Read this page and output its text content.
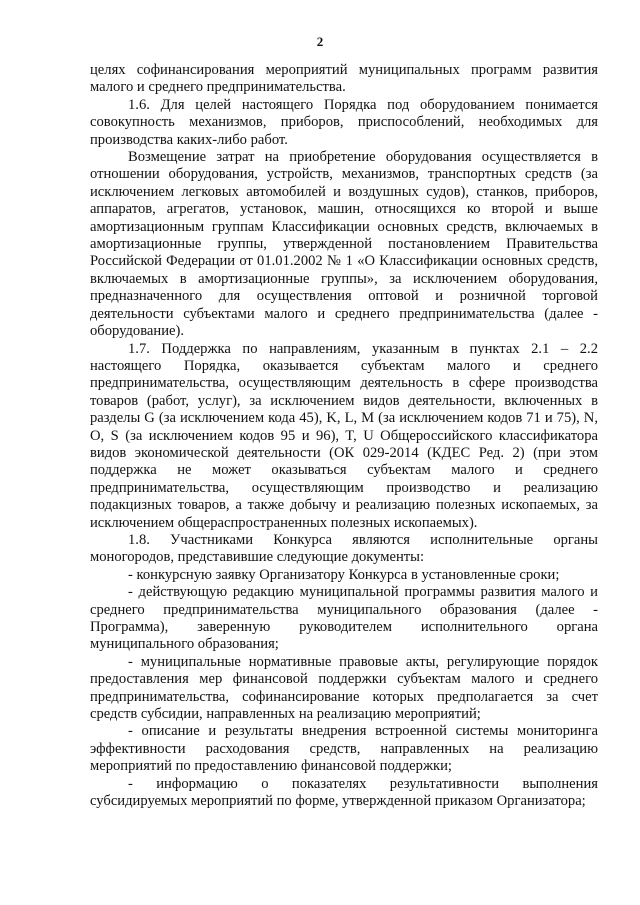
2

целях софинансирования мероприятий муниципальных программ развития малого и среднего предпринимательства.

1.6. Для целей настоящего Порядка под оборудованием понимается совокупность механизмов, приборов, приспособлений, необходимых для производства каких-либо работ.

Возмещение затрат на приобретение оборудования осуществляется в отношении оборудования, устройств, механизмов, транспортных средств (за исключением легковых автомобилей и воздушных судов), станков, приборов, аппаратов, агрегатов, установок, машин, относящихся ко второй и выше амортизационным группам Классификации основных средств, включаемых в амортизационные группы, утвержденной постановлением Правительства Российской Федерации от 01.01.2002 № 1 «О Классификации основных средств, включаемых в амортизационные группы», за исключением оборудования, предназначенного для осуществления оптовой и розничной торговой деятельности субъектами малого и среднего предпринимательства (далее - оборудование).

1.7. Поддержка по направлениям, указанным в пунктах 2.1 – 2.2 настоящего Порядка, оказывается субъектам малого и среднего предпринимательства, осуществляющим деятельность в сфере производства товаров (работ, услуг), за исключением видов деятельности, включенных в разделы G (за исключением кода 45), K, L, M (за исключением кодов 71 и 75), N, O, S (за исключением кодов 95 и 96), T, U Общероссийского классификатора видов экономической деятельности (ОК 029-2014 (КДЕС Ред. 2) (при этом поддержка не может оказываться субъектам малого и среднего предпринимательства, осуществляющим производство и реализацию подакцизных товаров, а также добычу и реализацию полезных ископаемых, за исключением общераспространенных полезных ископаемых).

1.8. Участниками Конкурса являются исполнительные органы моногородов, представившие следующие документы:

- конкурсную заявку Организатору Конкурса в установленные сроки;

- действующую редакцию муниципальной программы развития малого и среднего предпринимательства муниципального образования (далее - Программа), заверенную руководителем исполнительного органа муниципального образования;

- муниципальные нормативные правовые акты, регулирующие порядок предоставления мер финансовой поддержки субъектам малого и среднего предпринимательства, софинансирование которых предполагается за счет средств субсидии, направленных на реализацию мероприятий;

- описание и результаты внедрения встроенной системы мониторинга эффективности расходования средств, направленных на реализацию мероприятий по предоставлению финансовой поддержки;

- информацию о показателях результативности выполнения субсидируемых мероприятий по форме, утвержденной приказом Организатора;
